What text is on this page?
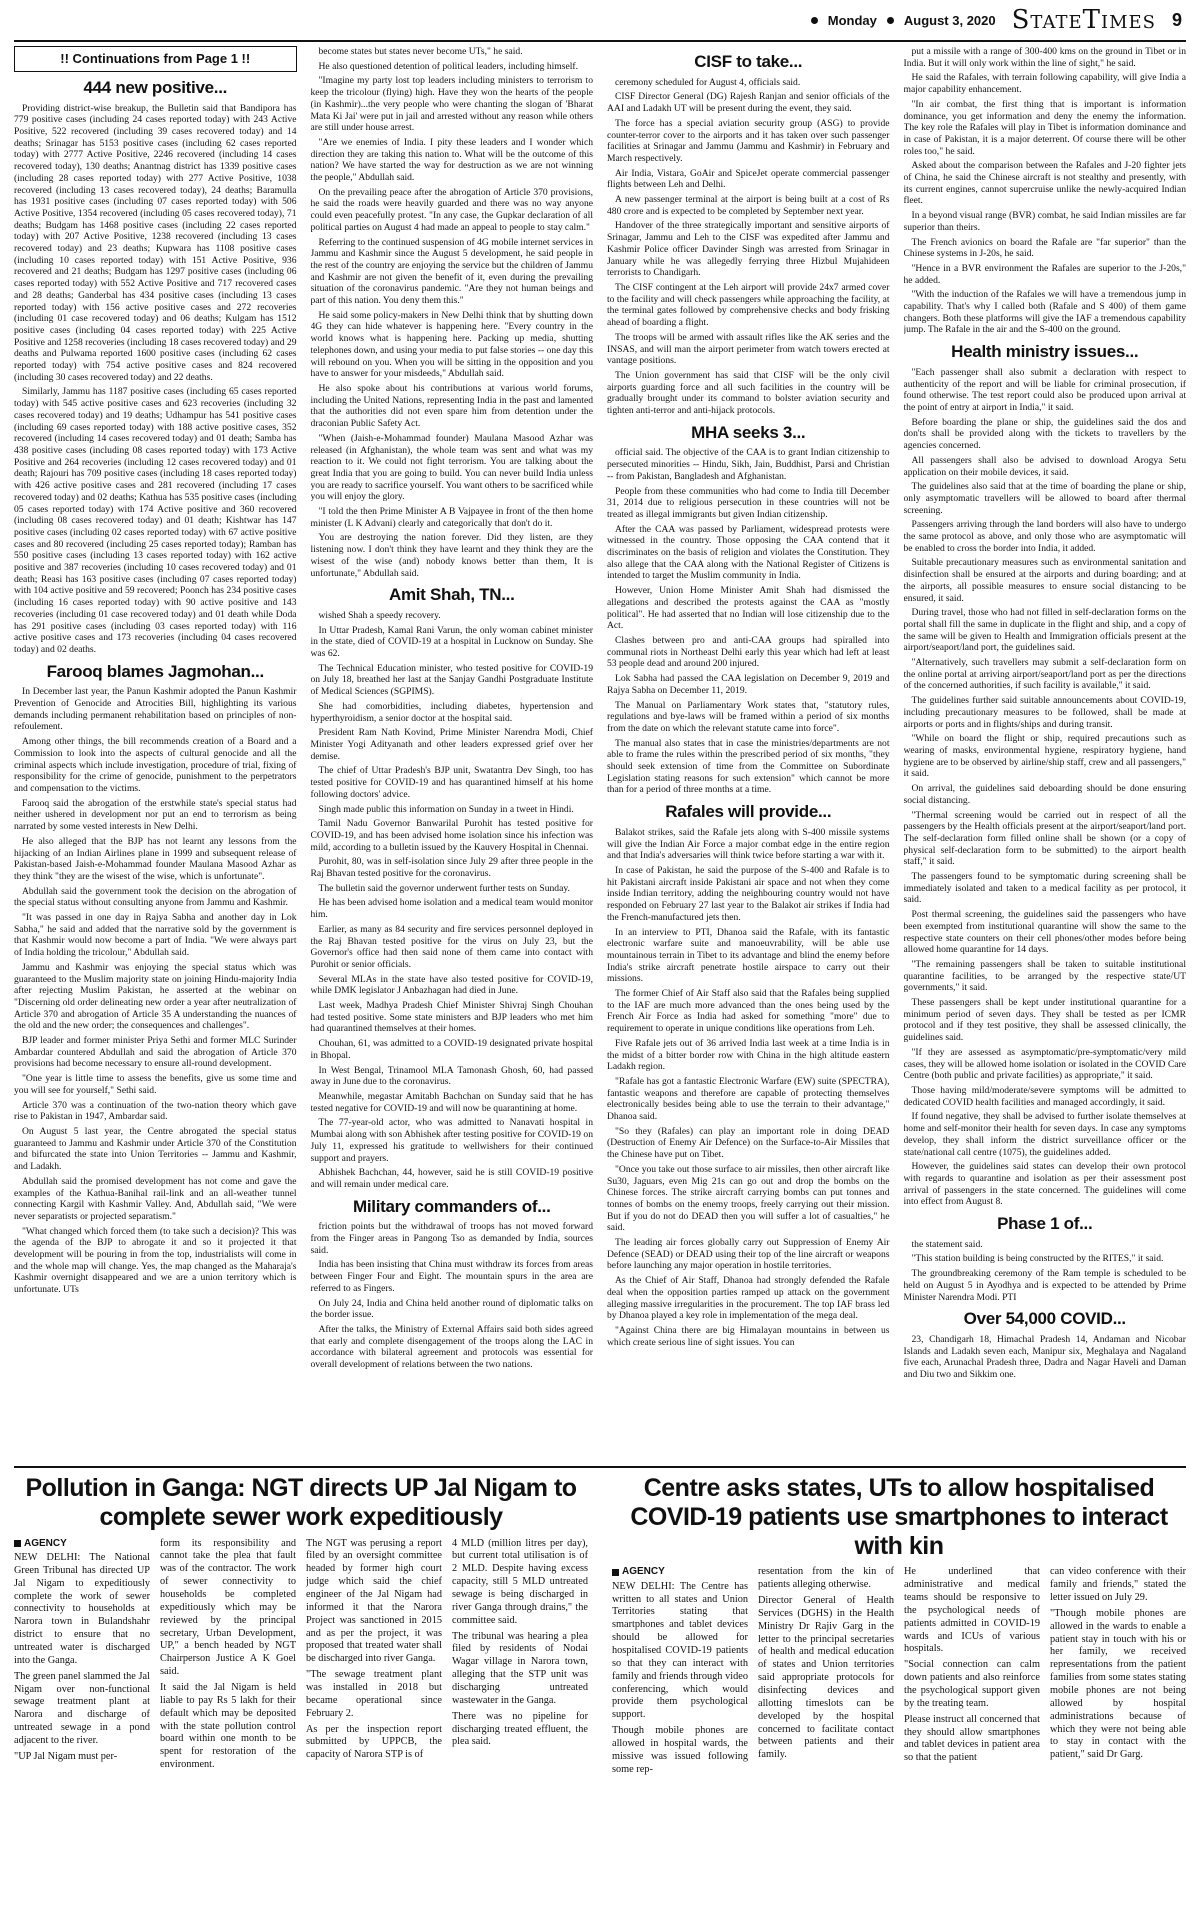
Monday August 3, 2020 StateTimes 9
!! Continuations from Page 1 !!
444 new positive...

Providing district-wise breakup, the Bulletin said that Bandipora has 779 positive cases (including 24 cases reported today) with 243 Active Positive, 522 recovered (including 39 cases recovered today) and 14 deaths; Srinagar has 5153 positive cases (including 62 cases reported today) with 2777 Active Positive, 2246 recovered (including 14 cases recovered today), 130 deaths; Anantnag district has 1339 positive cases (including 28 cases reported today) with 277 Active Positive, 1038 recovered (including 13 cases recovered today), 24 deaths; Baramulla has 1931 positive cases (including 07 cases reported today) with 506 Active Positive, 1354 recovered (including 05 cases recovered today), 71 deaths; Budgam has 1468 positive cases (including 22 cases reported today) with 207 Active Positive, 1238 recovered (including 13 cases recovered today) and 23 deaths; Kupwara has 1108 positive cases (including 10 cases reported today) with 151 Active Positive, 936 recovered and 21 deaths; Budgam has 1297 positive cases (including 06 cases reported today) with 552 Active Positive and 717 recovered cases and 28 deaths; Ganderbal has 434 positive cases (including 13 cases reported today) with 156 active positive cases and 272 recoveries (including 01 case recovered today) and 06 deaths; Kulgam has 1512 positive cases (including 04 cases reported today) with 225 Active Positive and 1258 recoveries (including 18 cases recovered today) and 29 deaths and Pulwama reported 1600 positive cases (including 62 cases reported today) with 754 active positive cases and 824 recovered (including 30 cases recovered today) and 22 deaths.

Similarly, Jammu has 1187 positive cases (including 65 cases reported today) with 545 active positive cases and 623 recoveries (including 32 cases recovered today) and 19 deaths; Udhampur has 541 positive cases (including 69 cases reported today) with 188 active positive cases, 352 recovered (including 14 cases recovered today) and 01 death; Samba has 438 positive cases (including 08 cases reported today) with 173 Active Positive and 264 recoveries (including 12 cases recovered today) and 01 death; Rajouri has 709 positive cases (including 18 cases reported today) with 426 active positive cases and 281 recovered (including 17 cases recovered today) and 02 deaths; Kathua has 535 positive cases (including 05 cases reported today) with 174 Active positive and 360 recovered (including 08 cases recovered today) and 01 death; Kishtwar has 147 positive cases (including 02 cases reported today) with 67 active positive cases and 80 recovered (including 25 cases reported today); Ramban has 550 positive cases (including 13 cases reported today) with 162 active positive and 387 recoveries (including 10 cases recovered today) and 01 death; Reasi has 163 positive cases (including 07 cases reported today) with 104 active positive and 59 recovered; Poonch has 234 positive cases (including 16 cases reported today) with 90 active positive and 143 recoveries (including 01 case recovered today) and 01 death while Doda has 291 positive cases (including 03 cases reported today) with 116 active positive cases and 173 recoveries (including 04 cases recovered today) and 02 deaths.

Farooq blames Jagmohan...

In December last year, the Panun Kashmir adopted the Panun Kashmir Prevention of Genocide and Atrocities Bill, highlighting its various demands including permanent rehabilitation based on principles of non-refoulement.

Among other things, the bill recommends creation of a Board and a Commission to look into the aspects of cultural genocide and all the criminal aspects which include investigation, procedure of trial, fixing of responsibility for the crime of genocide, punishment to the perpetrators and compensation to the victims.

Farooq said the abrogation of the erstwhile state's special status had neither ushered in development nor put an end to terrorism as being narrated by some vested interests in New Delhi.

He also alleged that the BJP has not learnt any lessons from the hijacking of an Indian Airlines plane in 1999 and subsequent release of Pakistan-based Jaish-e-Mohammad founder Maulana Masood Azhar as they think "they are the wisest of the wise, which is unfortunate".

Abdullah said the government took the decision on the abrogation of the special status without consulting anyone from Jammu and Kashmir.

"It was passed in one day in Rajya Sabha and another day in Lok Sabha," he said and added that the narrative sold by the government is that Kashmir would now become a part of India. "We were always part of India holding the tricolour," Abdullah said.

Jammu and Kashmir was enjoying the special status which was guaranteed to the Muslim majority state on joining Hindu-majority India after rejecting Muslim Pakistan, he asserted at the webinar on "Discerning old order delineating new order a year after neutralization of Article 370 and abrogation of Article 35 A understanding the nuances of the old and the new order; the consequences and challenges".

BJP leader and former minister Priya Sethi and former MLC Surinder Ambardar countered Abdullah and said the abrogation of Article 370 provisions had become necessary to ensure all-round development.

"One year is little time to assess the benefits, give us some time and you will see for yourself," Sethi said.

Article 370 was a continuation of the two-nation theory which gave rise to Pakistan in 1947, Ambardar said.

On August 5 last year, the Centre abrogated the special status guaranteed to Jammu and Kashmir under Article 370 of the Constitution and bifurcated the state into Union Territories -- Jammu and Kashmir, and Ladakh.

Abdullah said the promised development has not come and gave the examples of the Kathua-Banihal rail-link and an all-weather tunnel connecting Kargil with Kashmir Valley. And, Abdullah said, "We were never separatists or projected separatism."

"What changed which forced them (to take such a decision)? This was the agenda of the BJP to abrogate it and so it projected it that development will be pouring in from the top, industrialists will come in and the whole map will change. Yes, the map changed as the Maharaja's Kashmir overnight disappeared and we are a union territory which is unfortunate. UTs

become states but states never become UTs," he said.

He also questioned detention of political leaders, including himself.

"Imagine my party lost top leaders including ministers to terrorism to keep the tricolour (flying) high. Have they won the hearts of the people (in Kashmir)...the very people who were chanting the slogan of 'Bharat Mata Ki Jai' were put in jail and arrested without any reason while others are still under house arrest.

"Are we enemies of India. I pity these leaders and I wonder which direction they are taking this nation to. What will be the outcome of this nation? We have started the way for destruction as we are not winning the people," Abdullah said.

On the prevailing peace after the abrogation of Article 370 provisions, he said the roads were heavily guarded and there was no way anyone could even peacefully protest. "In any case, the Gupkar declaration of all political parties on August 4 had made an appeal to people to stay calm."

Referring to the continued suspension of 4G mobile internet services in Jammu and Kashmir since the August 5 development, he said people in the rest of the country are enjoying the service but the children of Jammu and Kashmir are not given the benefit of it, even during the prevailing situation of the coronavirus pandemic. "Are they not human beings and part of this nation. You deny them this."

He said some policy-makers in New Delhi think that by shutting down 4G they can hide whatever is happening here. "Every country in the world knows what is happening here. Packing up media, shutting telephones down, and using your media to put false stories -- one day this will rebound on you. When you will be sitting in the opposition and you have to answer for your misdeeds," Abdullah said.

He also spoke about his contributions at various world forums, including the United Nations, representing India in the past and lamented that the authorities did not even spare him from detention under the draconian Public Safety Act.

"When (Jaish-e-Mohammad founder) Maulana Masood Azhar was released (in Afghanistan), the whole team was sent and what was my reaction to it. We could not fight terrorism. You are talking about the great India that you are going to build. You can never build India unless you are ready to sacrifice yourself. You want others to be sacrificed while you will enjoy the glory.

"I told the then Prime Minister A B Vajpayee in front of the then home minister (L K Advani) clearly and categorically that don't do it.

You are destroying the nation forever. Did they listen, are they listening now. I don't think they have learnt and they think they are the wisest of the wise (and) nobody knows better than them, It is unfortunate," Abdullah said.

Amit Shah, TN...

wished Shah a speedy recovery.

In Uttar Pradesh, Kamal Rani Varun, the only woman cabinet minister in the state, died of COVID-19 at a hospital in Lucknow on Sunday. She was 62.

The Technical Education minister, who tested positive for COVID-19 on July 18, breathed her last at the Sanjay Gandhi Postgraduate Institute of Medical Sciences (SGPIMS).

She had comorbidities, including diabetes, hypertension and hyperthyroidism, a senior doctor at the hospital said.

President Ram Nath Kovind, Prime Minister Narendra Modi, Chief Minister Yogi Adityanath and other leaders expressed grief over her demise.

The chief of Uttar Pradesh's BJP unit, Swatantra Dev Singh, too has tested positive for COVID-19 and has quarantined himself at his home following doctors' advice.

Singh made public this information on Sunday in a tweet in Hindi.

Tamil Nadu Governor Banwarilal Purohit has tested positive for COVID-19, and has been advised home isolation since his infection was mild, according to a bulletin issued by the Kauvery Hospital in Chennai.

Purohit, 80, was in self-isolation since July 29 after three people in the Raj Bhavan tested positive for the coronavirus.

The bulletin said the governor underwent further tests on Sunday.

He has been advised home isolation and a medical team would monitor him.

Earlier, as many as 84 security and fire services personnel deployed in the Raj Bhavan tested positive for the virus on July 23, but the Governor's office had then said none of them came into contact with Purohit or senior officials.

Several MLAs in the state have also tested positive for COVID-19, while DMK legislator J Anbazhagan had died in June.

Last week, Madhya Pradesh Chief Minister Shivraj Singh Chouhan had tested positive. Some state ministers and BJP leaders who met him had quarantined themselves at their homes.

Chouhan, 61, was admitted to a COVID-19 designated private hospital in Bhopal.

In West Bengal, Trinamool MLA Tamonash Ghosh, 60, had passed away in June due to the coronavirus.

Meanwhile, megastar Amitabh Bachchan on Sunday said that he has tested negative for COVID-19 and will now be quarantining at home.

The 77-year-old actor, who was admitted to Nanavati hospital in Mumbai along with son Abhishek after testing positive for COVID-19 on July 11, expressed his gratitude to wellwishers for their continued support and prayers.

Abhishek Bachchan, 44, however, said he is still COVID-19 positive and will remain under medical care.

Military commanders of...

friction points but the withdrawal of troops has not moved forward from the Finger areas in Pangong Tso as demanded by India, sources said.

India has been insisting that China must withdraw its forces from areas between Finger Four and Eight. The mountain spurs in the area are referred to as Fingers.

On July 24, India and China held another round of diplomatic talks on the border issue.

After the talks, the Ministry of External Affairs said both sides agreed that early and complete disengagement of the troops along the LAC in accordance with bilateral agreement and protocols was essential for overall development of relations between the two nations.

CISF to take...

ceremony scheduled for August 4, officials said.

CISF Director General (DG) Rajesh Ranjan and senior officials of the AAI and Ladakh UT will be present during the event, they said.

The force has a special aviation security group (ASG) to provide counter-terror cover to the airports and it has taken over such passenger facilities at Srinagar and Jammu (Jammu and Kashmir) in February and March respectively.

Air India, Vistara, GoAir and SpiceJet operate commercial passenger flights between Leh and Delhi.

A new passenger terminal at the airport is being built at a cost of Rs 480 crore and is expected to be completed by September next year.

Handover of the three strategically important and sensitive airports of Srinagar, Jammu and Leh to the CISF was expedited after Jammu and Kashmir Police officer Davinder Singh was arrested from Srinagar in January while he was allegedly ferrying three Hizbul Mujahideen terrorists to Chandigarh.

The CISF contingent at the Leh airport will provide 24x7 armed cover to the facility and will check passengers while approaching the facility, at the terminal gates followed by comprehensive checks and body frisking ahead of boarding a flight.

The troops will be armed with assault rifles like the AK series and the INSAS, and will man the airport perimeter from watch towers erected at vantage positions.

The Union government has said that CISF will be the only civil airports guarding force and all such facilities in the country will be gradually brought under its command to bolster aviation security and tighten anti-terror and anti-hijack protocols.

MHA seeks 3...

official said. The objective of the CAA is to grant Indian citizenship to persecuted minorities -- Hindu, Sikh, Jain, Buddhist, Parsi and Christian -- from Pakistan, Bangladesh and Afghanistan.

People from these communities who had come to India till December 31, 2014 due to religious persecution in these countries will not be treated as illegal immigrants but given Indian citizenship.

After the CAA was passed by Parliament, widespread protests were witnessed in the country. Those opposing the CAA contend that it discriminates on the basis of religion and violates the Constitution. They also allege that the CAA along with the National Register of Citizens is intended to target the Muslim community in India.

However, Union Home Minister Amit Shah had dismissed the allegations and described the protests against the CAA as "mostly political". He had asserted that no Indian will lose citizenship due to the Act.

Clashes between pro and anti-CAA groups had spiralled into communal riots in Northeast Delhi early this year which had left at least 53 people dead and around 200 injured.

Lok Sabha had passed the CAA legislation on December 9, 2019 and Rajya Sabha on December 11, 2019.

The Manual on Parliamentary Work states that, "statutory rules, regulations and bye-laws will be framed within a period of six months from the date on which the relevant statute came into force".

The manual also states that in case the ministries/departments are not able to frame the rules within the prescribed period of six months, "they should seek extension of time from the Committee on Subordinate Legislation stating reasons for such extension" which cannot be more than for a period of three months at a time.

Rafales will provide...

Balakot strikes, said the Rafale jets along with S-400 missile systems will give the Indian Air Force a major combat edge in the entire region and that India's adversaries will think twice before starting a war with it.

In case of Pakistan, he said the purpose of the S-400 and Rafale is to hit Pakistani aircraft inside Pakistani air space and not when they come inside Indian territory, adding the neighbouring country would not have responded on February 27 last year to the Balakot air strikes if India had the French-manufactured jets then.

In an interview to PTI, Dhanoa said the Rafale, with its fantastic electronic warfare suite and manoeuvrability, will be able use mountainous terrain in Tibet to its advantage and blind the enemy before India's strike aircraft penetrate hostile airspace to carry out their missions.

The former Chief of Air Staff also said that the Rafales being supplied to the IAF are much more advanced than the ones being used by the French Air Force as India had asked for something "more" due to requirement to operate in unique conditions like operations from Leh.

Five Rafale jets out of 36 arrived India last week at a time India is in the midst of a bitter border row with China in the high altitude eastern Ladakh region.

"Rafale has got a fantastic Electronic Warfare (EW) suite (SPECTRA), fantastic weapons and therefore are capable of protecting themselves electronically besides being able to use the terrain to their advantage," Dhanoa said.

"So they (Rafales) can play an important role in doing DEAD (Destruction of Enemy Air Defence) on the Surface-to-Air Missiles that the Chinese have put on Tibet.

"Once you take out those surface to air missiles, then other aircraft like Su30, Jaguars, even Mig 21s can go out and drop the bombs on the Chinese forces. The strike aircraft carrying bombs can put tonnes and tonnes of bombs on the enemy troops, freely carrying out their mission. But if you do not do DEAD then you will suffer a lot of casualties," he said.

The leading air forces globally carry out Suppression of Enemy Air Defence (SEAD) or DEAD using their top of the line aircraft or weapons before launching any major operation in hostile territories.

As the Chief of Air Staff, Dhanoa had strongly defended the Rafale deal when the opposition parties ramped up attack on the government alleging massive irregularities in the procurement. The top IAF brass led by Dhanoa played a key role in implementation of the mega deal.

"Against China there are big Himalayan mountains in between us which create serious line of sight issues. You can

put a missile with a range of 300-400 kms on the ground in Tibet or in India. But it will only work within the line of sight," he said.

He said the Rafales, with terrain following capability, will give India a major capability enhancement.

"In air combat, the first thing that is important is information dominance, you get information and deny the enemy the information. The key role the Rafales will play in Tibet is information dominance and in case of Pakistan, it is a major deterrent. Of course there will be other roles too," he said.

Asked about the comparison between the Rafales and J-20 fighter jets of China, he said the Chinese aircraft is not stealthy and presently, with its current engines, cannot supercruise unlike the newly-acquired Indian fleet.

In a beyond visual range (BVR) combat, he said Indian missiles are far superior than theirs.

The French avionics on board the Rafale are "far superior" than the Chinese systems in J-20s, he said.

"Hence in a BVR environment the Rafales are superior to the J-20s," he added.

"With the induction of the Rafales we will have a tremendous jump in capability. That's why I called both (Rafale and S 400) of them game changers. Both these platforms will give the IAF a tremendous capability jump. The Rafale in the air and the S-400 on the ground.

Health ministry issues...

"Each passenger shall also submit a declaration with respect to authenticity of the report and will be liable for criminal prosecution, if found otherwise. The test report could also be produced upon arrival at the point of entry at airport in India," it said.

Before boarding the plane or ship, the guidelines said the dos and don'ts shall be provided along with the tickets to travellers by the agencies concerned.

All passengers shall also be advised to download Arogya Setu application on their mobile devices, it said.

The guidelines also said that at the time of boarding the plane or ship, only asymptomatic travellers will be allowed to board after thermal screening.

Passengers arriving through the land borders will also have to undergo the same protocol as above, and only those who are asymptomatic will be enabled to cross the border into India, it added.

Suitable precautionary measures such as environmental sanitation and disinfection shall be ensured at the airports and during boarding; and at the airports, all possible measures to ensure social distancing to be ensured, it said.

During travel, those who had not filled in self-declaration forms on the portal shall fill the same in duplicate in the flight and ship, and a copy of the same will be given to Health and Immigration officials present at the airport/seaport/land port, the guidelines said.

"Alternatively, such travellers may submit a self-declaration form on the online portal at arriving airport/seaport/land port as per the directions of the concerned authorities, if such facility is available," it said.

The guidelines further said suitable announcements about COVID-19, including precautionary measures to be followed, shall be made at airports or ports and in flights/ships and during transit.

"While on board the flight or ship, required precautions such as wearing of masks, environmental hygiene, respiratory hygiene, hand hygiene are to be observed by airline/ship staff, crew and all passengers," it said.

On arrival, the guidelines said deboarding should be done ensuring social distancing.

"Thermal screening would be carried out in respect of all the passengers by the Health officials present at the airport/seaport/land port. The self-declaration form filled online shall be shown (or a copy of physical self-declaration form to be submitted) to the airport health staff," it said.

The passengers found to be symptomatic during screening shall be immediately isolated and taken to a medical facility as per protocol, it said.

Post thermal screening, the guidelines said the passengers who have been exempted from institutional quarantine will show the same to the respective state counters on their cell phones/other modes before being allowed home quarantine for 14 days.

"The remaining passengers shall be taken to suitable institutional quarantine facilities, to be arranged by the respective state/UT governments," it said.

These passengers shall be kept under institutional quarantine for a minimum period of seven days. They shall be tested as per ICMR protocol and if they test positive, they shall be assessed clinically, the guidelines said.

"If they are assessed as asymptomatic/pre-symptomatic/very mild cases, they will be allowed home isolation or isolated in the COVID Care Centre (both public and private facilities) as appropriate," it said.

Those having mild/moderate/severe symptoms will be admitted to dedicated COVID health facilities and managed accordingly, it said.

If found negative, they shall be advised to further isolate themselves at home and self-monitor their health for seven days. In case any symptoms develop, they shall inform the district surveillance officer or the state/national call centre (1075), the guidelines added.

However, the guidelines said states can develop their own protocol with regards to quarantine and isolation as per their assessment post arrival of passengers in the state concerned. The guidelines will come into effect from August 8.

Phase 1 of...

the statement said.

"This station building is being constructed by the RITES," it said.

The groundbreaking ceremony of the Ram temple is scheduled to be held on August 5 in Ayodhya and is expected to be attended by Prime Minister Narendra Modi. PTI

Over 54,000 COVID...

23, Chandigarh 18, Himachal Pradesh 14, Andaman and Nicobar Islands and Ladakh seven each, Manipur six, Meghalaya and Nagaland five each, Arunachal Pradesh three, Dadra and Nagar Haveli and Daman and Diu two and Sikkim one.

Pollution in Ganga: NGT directs UP Jal Nigam to complete sewer work expeditiously
AGENCY

NEW DELHI: The National Green Tribunal has directed UP Jal Nigam to expeditiously complete the work of sewer connectivity to households at Narora town in Bulandshahr district to ensure that no untreated water is discharged into the Ganga.

The green panel slammed the Jal Nigam over non-functional sewage treatment plant at Narora and discharge of untreated sewage in a pond adjacent to the river.

"UP Jal Nigam must per-

form its responsibility and cannot take the plea that fault was of the contractor. The work of sewer connectivity to households be completed expeditiously which may be reviewed by the principal secretary, Urban Development, UP," a bench headed by NGT Chairperson Justice A K Goel said.

It said the Jal Nigam is held liable to pay Rs 5 lakh for their default which may be deposited with the state pollution control board within one month to be spent for restoration of the environment.

The NGT was perusing a report filed by an oversight committee headed by former high court judge which said the chief engineer of the Jal Nigam had informed it that the Narora Project was sanctioned in 2015 and as per the project, it was proposed that treated water shall be discharged into river Ganga.

"The sewage treatment plant was installed in 2018 but became operational since February 2.

As per the inspection report submitted by UPPCB, the capacity of Narora STP is of

4 MLD (million litres per day), but current total utilisation is of 2 MLD. Despite having excess capacity, still 5 MLD untreated sewage is being discharged in river Ganga through drains," the committee said.

The tribunal was hearing a plea filed by residents of Nodai Wagar village in Narora town, alleging that the STP unit was discharging untreated wastewater in the Ganga.

There was no pipeline for discharging treated effluent, the plea said.

Centre asks states, UTs to allow hospitalised COVID-19 patients use smartphones to interact with kin
AGENCY

NEW DELHI: The Centre has written to all states and Union Territories stating that smartphones and tablet devices should be allowed for hospitalised COVID-19 patients so that they can interact with family and friends through video conferencing, which would provide them psychological support.

Though mobile phones are allowed in hospital wards, the missive was issued following some rep-

resentation from the kin of patients alleging otherwise.

Director General of Health Services (DGHS) in the Health Ministry Dr Rajiv Garg in the letter to the principal secretaries of health and medical education of states and Union territories said appropriate protocols for disinfecting devices and allotting timeslots can be developed by the hospital concerned to facilitate contact between patients and their family.

He underlined that administrative and medical teams should be responsive to the psychological needs of patients admitted in COVID-19 wards and ICUs of various hospitals.

"Social connection can calm down patients and also reinforce the psychological support given by the treating team.

Please instruct all concerned that they should allow smartphones and tablet devices in patient area so that the patient

can video conference with their family and friends," stated the letter issued on July 29.

"Though mobile phones are allowed in the wards to enable a patient stay in touch with his or her family, we received representations from the patient families from some states stating mobile phones are not being allowed by hospital administrations because of which they were not being able to stay in contact with the patient," said Dr Garg.
